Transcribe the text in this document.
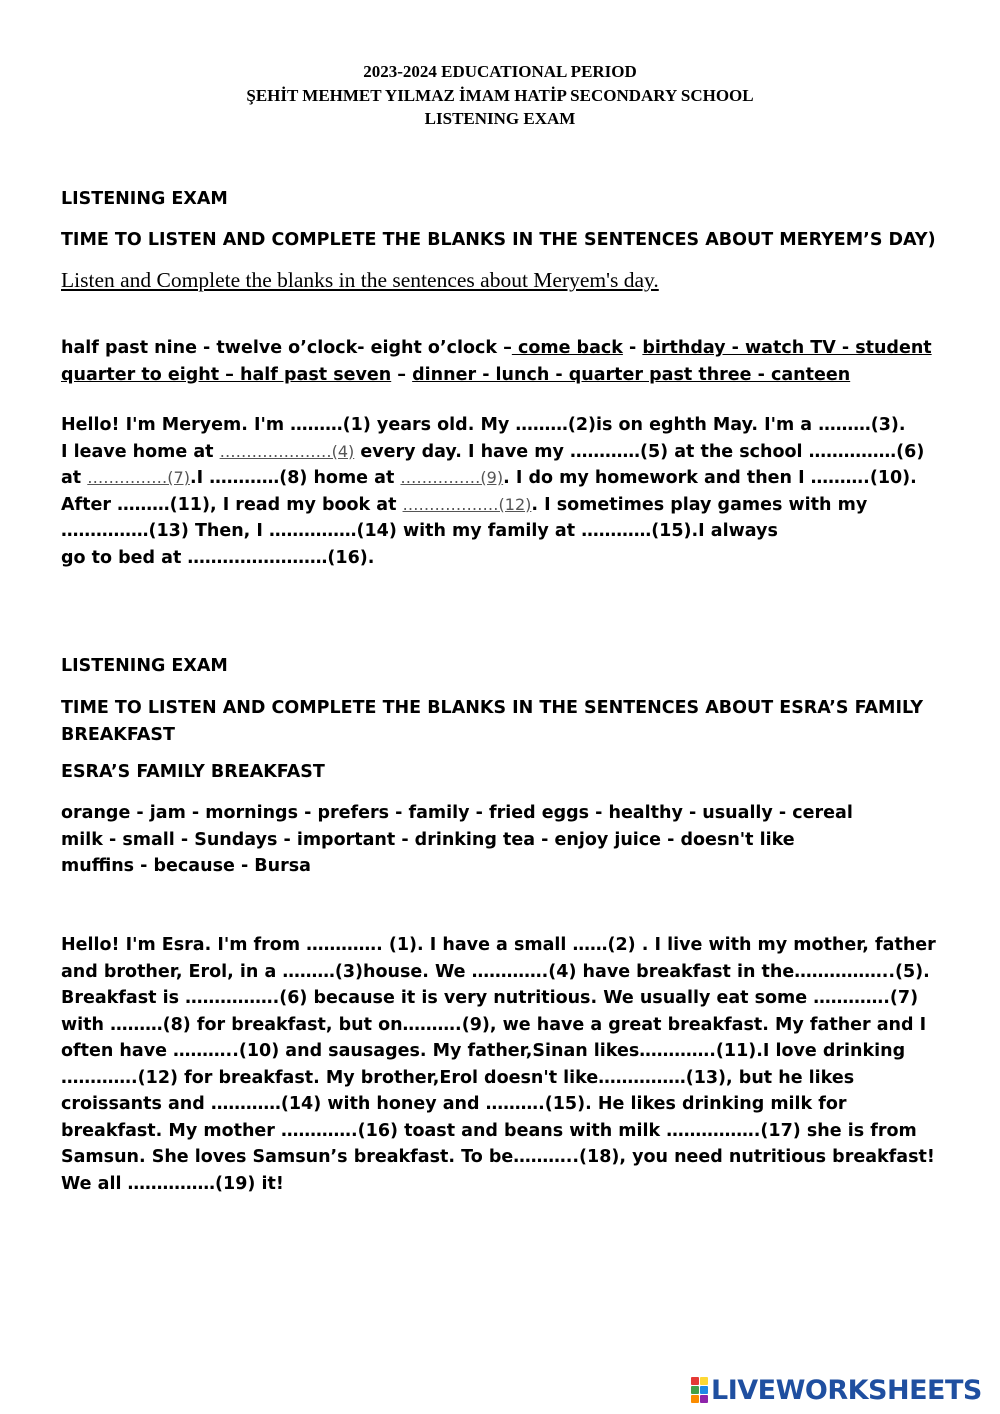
2023-2024 EDUCATIONAL PERIOD
ŞEHİT MEHMET YILMAZ İMAM HATİP SECONDARY SCHOOL
LISTENING EXAM
LISTENING EXAM
TIME TO LISTEN AND COMPLETE THE BLANKS IN THE SENTENCES ABOUT MERYEM’S DAY)
Listen and Complete the blanks in the sentences about Meryem's day.
half past nine - twelve o’clock- eight o’clock – come back - birthday - watch TV - student
quarter to eight – half past seven – dinner - lunch - quarter past three - canteen
Hello! I'm Meryem. I'm ………(1) years old. My ………(2)is on eghth May. I'm a ………(3).
I leave home at …………………(4) every day. I have my …………(5) at the school ……………(6)
at ……………(7).I …………(8) home at ……………(9). I do my homework and then I ……….(10).
After ………(11), I read my book at ………………(12). I sometimes play games with my
……………(13) Then, I ……………(14) with my family at …………(15).I always
go to bed at ……………………(16).
LISTENING EXAM
TIME TO LISTEN AND COMPLETE THE BLANKS IN THE SENTENCES ABOUT ESRA’S FAMILY
BREAKFAST
ESRA’S FAMILY BREAKFAST
orange - jam - mornings - prefers - family - fried eggs - healthy - usually - cereal
milk - small - Sundays - important - drinking tea - enjoy juice - doesn't like
muffins - because - Bursa
Hello! I'm Esra. I'm from …………. (1). I have a small ……(2) . I live with my mother, father
and brother, Erol, in a ………(3)house. We ………….(4) have breakfast in the……………..(5).
Breakfast is …………….(6) because it is very nutritious. We usually eat some ………….(7)
with ………(8) for breakfast, but on……….(9), we have a great breakfast. My father and I
often have ………..(10) and sausages. My father,Sinan likes………….(11).I love drinking
………….(12) for breakfast. My brother,Erol doesn't like……………(13), but he likes
croissants and …………(14) with honey and ……….(15). He likes drinking milk for
breakfast. My mother ………….(16) toast and beans with milk …………….(17) she is from
Samsun. She loves Samsun’s breakfast. To be………..(18), you need nutritious breakfast!
We all ……………(19) it!
LIVEWORKSHEETS
